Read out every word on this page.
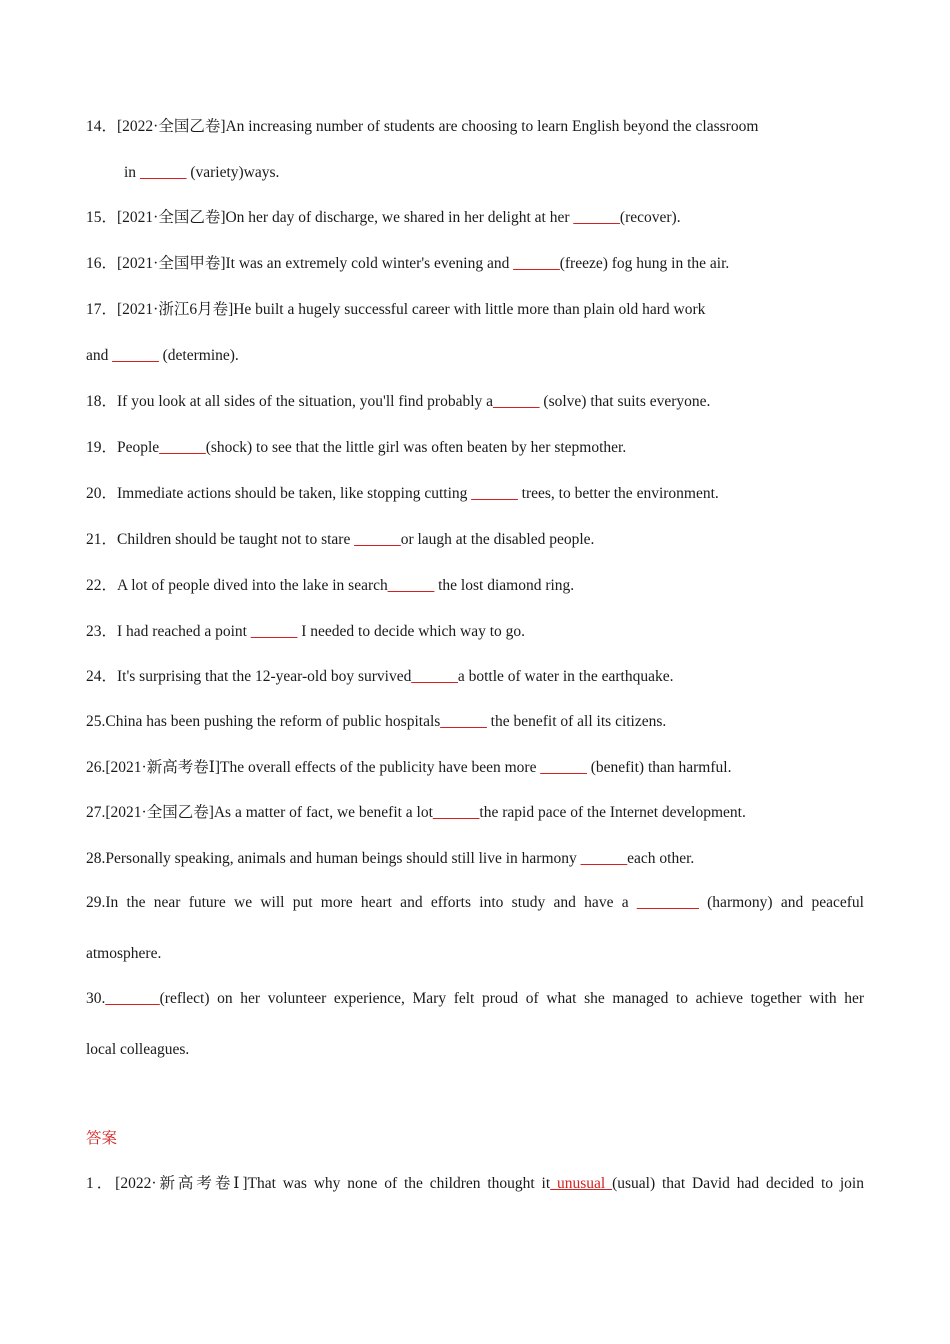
14．[2022·全国乙卷]An increasing number of students are choosing to learn English beyond the classroom
in ______ (variety)ways.
15．[2021·全国乙卷]On her day of discharge, we shared in her delight at her ______(recover).
16．[2021·全国甲卷]It was an extremely cold winter's evening and ______(freeze) fog hung in the air.
17．[2021·浙江6月卷]He built a hugely successful career with little more than plain old hard work
and ______ (determine).
18．If you look at all sides of the situation, you'll find probably a______ (solve) that suits everyone.
19．People______(shock) to see that the little girl was often beaten by her stepmother.
20．Immediate actions should be taken, like stopping cutting ______ trees, to better the environment.
21．Children should be taught not to stare ______or laugh at the disabled people.
22．A lot of people dived into the lake in search______ the lost diamond ring.
23．I had reached a point ______ I needed to decide which way to go.
24．It's surprising that the 12-year-old boy survived______a bottle of water in the earthquake.
25.China has been pushing the reform of public hospitals______ the benefit of all its citizens.
26.[2021·新高考卷Ⅰ]The overall effects of the publicity have been more ______ (benefit) than harmful.
27.[2021·全国乙卷]As a matter of fact, we benefit a lot______the rapid pace of the Internet development.
28.Personally speaking, animals and human beings should still live in harmony ______each other.
29.In the near future we will put more heart and efforts into study and have a ________ (harmony) and peaceful
atmosphere.
30._______(reflect) on her volunteer experience, Mary felt proud of what she managed to achieve together with her
local colleagues.
答案
1．[2022·新高考卷Ⅰ]That was why none of the children thought it unusual (usual) that David had decided to join
